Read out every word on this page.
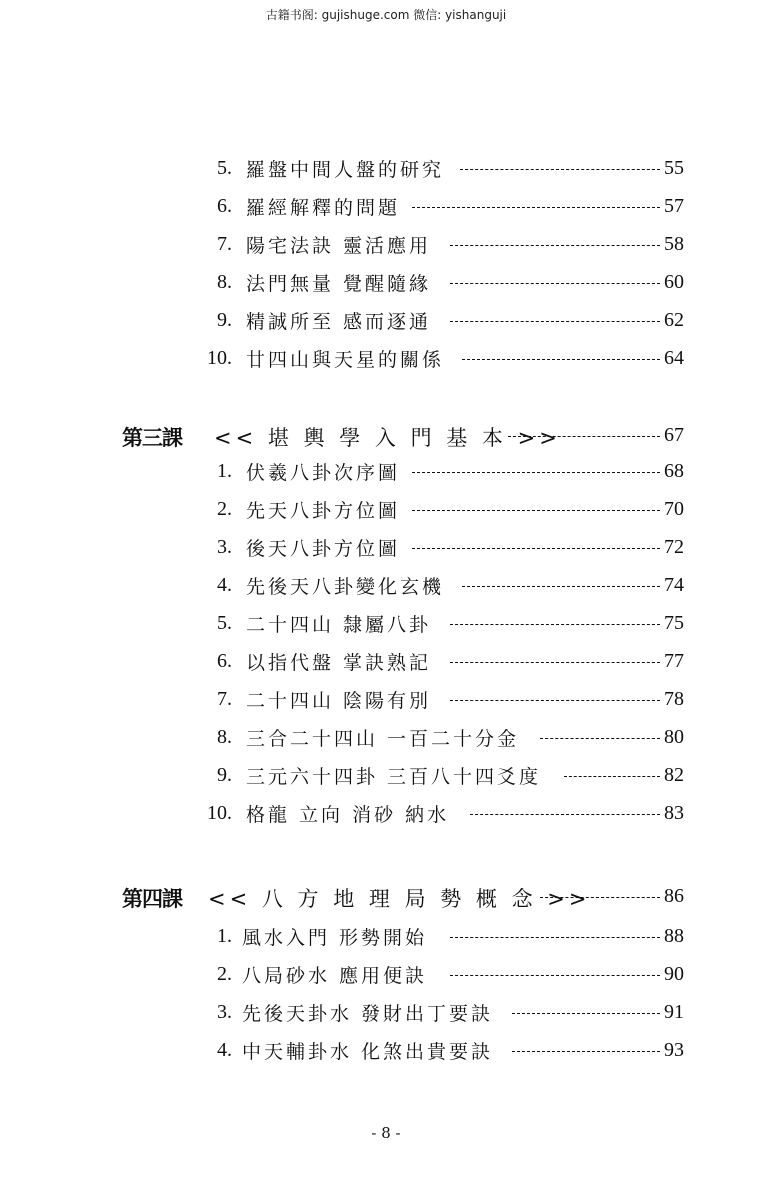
古籍书阁: gujishuge.com 微信: yishanguji
5. 羅盤中間人盤的研究	55
6. 羅經解釋的問題	57
7. 陽宅法訣 靈活應用	58
8. 法門無量 覺醒隨緣	60
9. 精誠所至 感而逐通	62
10. 廿四山與天星的關係	64
第三課 << 堪 輿 學 入 門 基 本 >>	67
1. 伏羲八卦次序圖	68
2. 先天八卦方位圖	70
3. 後天八卦方位圖	72
4. 先後天八卦變化玄機	74
5. 二十四山 隸屬八卦	75
6. 以指代盤 掌訣熟記	77
7. 二十四山 陰陽有別	78
8. 三合二十四山 一百二十分金	80
9. 三元六十四卦 三百八十四爻度	82
10. 格龍 立向 消砂 納水	83
第四課 << 八 方 地 理 局 勢 概 念 >>	86
1. 風水入門 形勢開始	88
2. 八局砂水 應用便訣	90
3. 先後天卦水 發財出丁要訣	91
4. 中天輔卦水 化煞出貴要訣	93
- 8 -
